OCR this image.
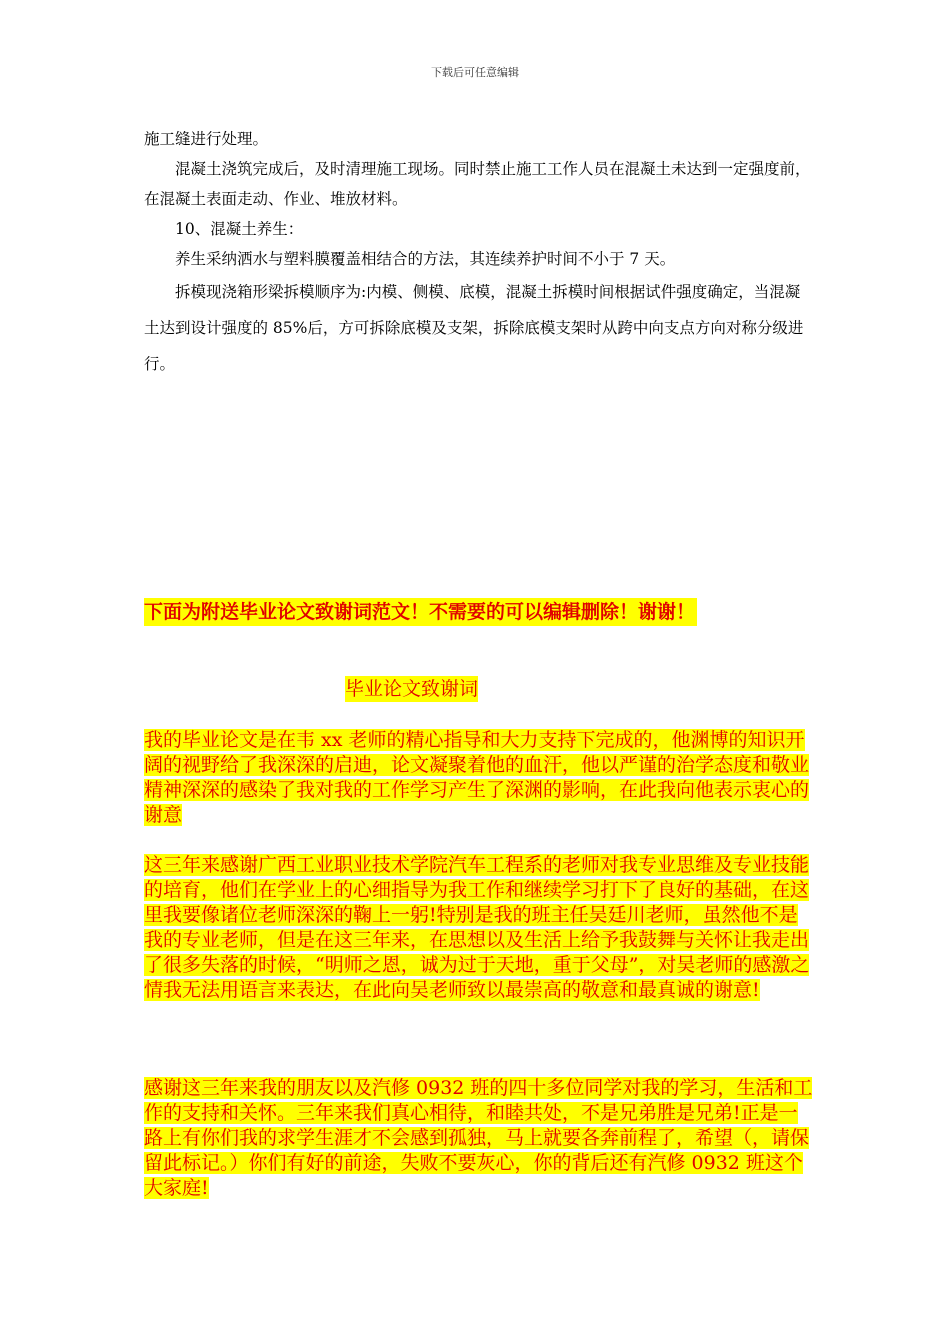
下载后可任意编辑

施工缝进行处理。

混凝土浇筑完成后，及时清理施工现场。同时禁止施工工作人员在混凝土未达到一定强度前，在混凝土表面走动、作业、堆放材料。

10、混凝土养生：

养生采纳洒水与塑料膜覆盖相结合的方法，其连续养护时间不小于 7 天。

拆模现浇箱形梁拆模顺序为:内模、侧模、底模，混凝土拆模时间根据试件强度确定，当混凝土达到设计强度的 85%后，方可拆除底模及支架，拆除底模支架时从跨中向支点方向对称分级进行。

下面为附送毕业论文致谢词范文！不需要的可以编辑删除！谢谢！
毕业论文致谢词

我的毕业论文是在韦 xx 老师的精心指导和大力支持下完成的，他渊博的知识开阔的视野给了我深深的启迪，论文凝聚着他的血汗，他以严谨的治学态度和敬业精神深深的感染了我对我的工作学习产生了深渊的影响，在此我向他表示衷心的谢意

这三年来感谢广西工业职业技术学院汽车工程系的老师对我专业思维及专业技能的培育，他们在学业上的心细指导为我工作和继续学习打下了良好的基础，在这里我要像诸位老师深深的鞠上一躬!特别是我的班主任吴廷川老师，虽然他不是我的专业老师，但是在这三年来，在思想以及生活上给予我鼓舞与关怀让我走出了很多失落的时候，“明师之恩，诚为过于天地，重于父母”，对吴老师的感激之情我无法用语言来表达，在此向吴老师致以最崇高的敬意和最真诚的谢意!

感谢这三年来我的朋友以及汽修 0932 班的四十多位同学对我的学习，生活和工作的支持和关怀。三年来我们真心相待，和睦共处，不是兄弟胜是兄弟!正是一路上有你们我的求学生涯才不会感到孤独，马上就要各奔前程了，希望（，请保留此标记。）你们有好的前途，失败不要灰心，你的背后还有汽修 0932 班这个大家庭!
